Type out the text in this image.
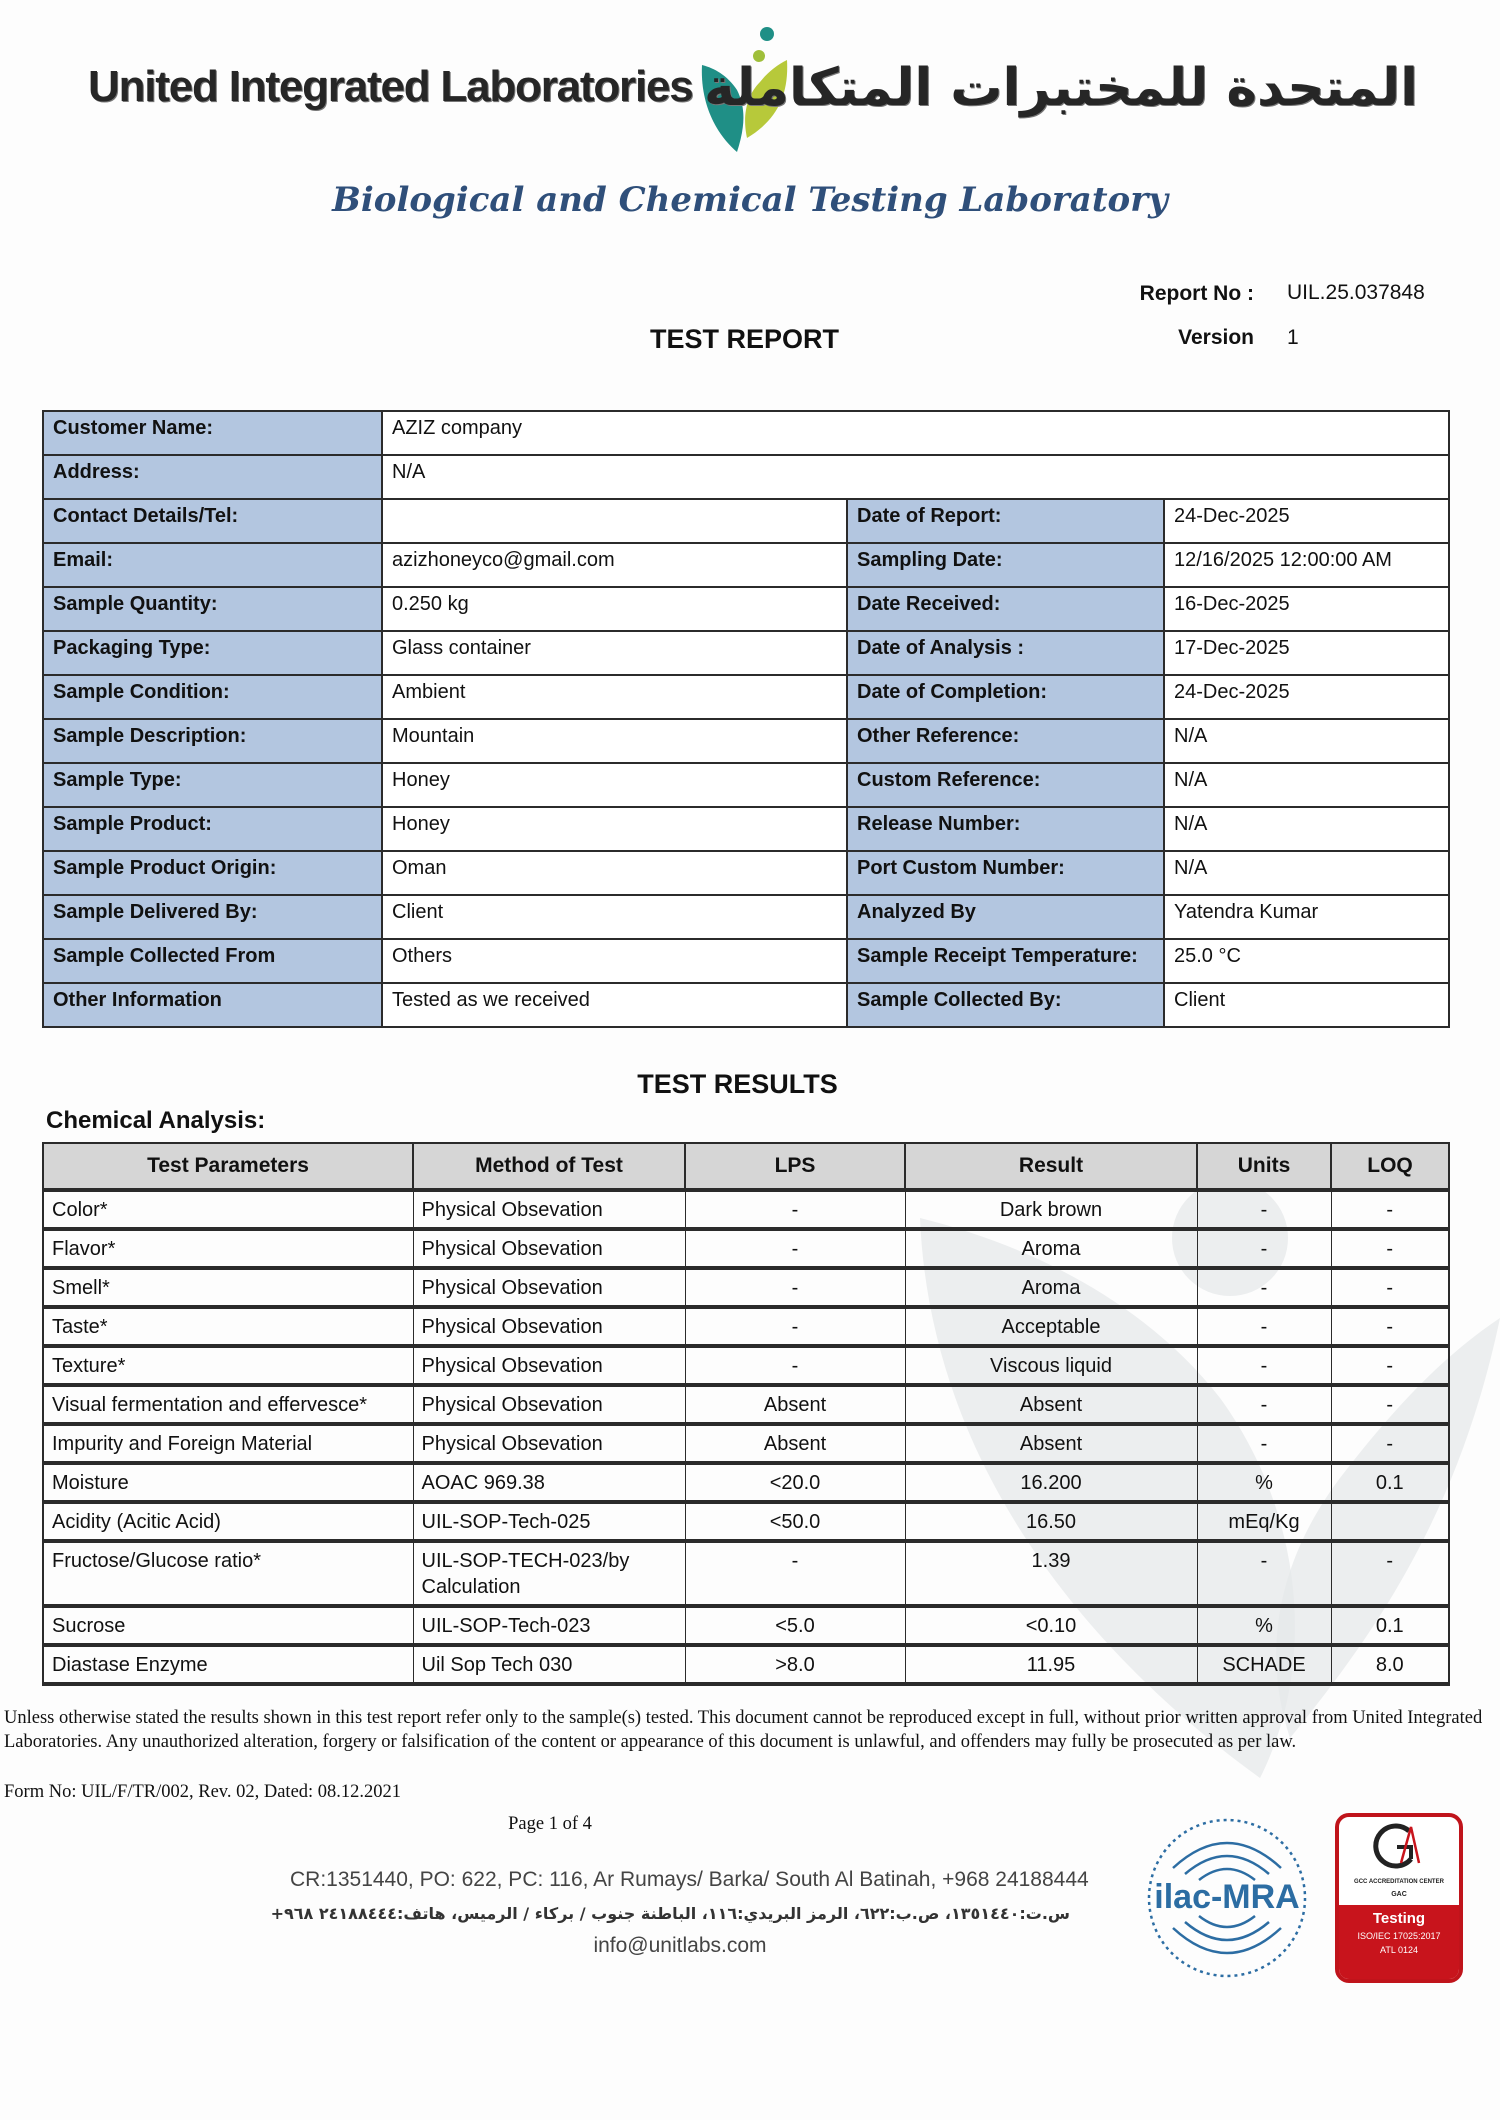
United Integrated Laboratories المتحدة للمختبرات المتكاملة
Biological and Chemical Testing Laboratory
TEST REPORT
Report No : UIL.25.037848
Version 1
Customer Name:	AZIZ company		
Address:	N/A		
Contact Details/Tel:		Date of Report:	24-Dec-2025
Email:	azizhoneyco@gmail.com	Sampling Date:	12/16/2025 12:00:00 AM
Sample Quantity:	0.250 kg	Date Received:	16-Dec-2025
Packaging Type:	Glass container	Date of Analysis :	17-Dec-2025
Sample Condition:	Ambient	Date of Completion:	24-Dec-2025
Sample Description:	Mountain	Other Reference:	N/A
Sample Type:	Honey	Custom Reference:	N/A
Sample Product:	Honey	Release Number:	N/A
Sample Product Origin:	Oman	Port Custom Number:	N/A
Sample Delivered By:	Client	Analyzed By	Yatendra Kumar
Sample Collected From	Others	Sample Receipt Temperature:	25.0 °C
Other Information	Tested as we received	Sample Collected By:	Client
TEST RESULTS
Chemical Analysis:
Test Parameters	Method of Test	LPS	Result	Units	LOQ
Color*	Physical Obsevation	-	Dark brown	-	-
Flavor*	Physical Obsevation	-	Aroma	-	-
Smell*	Physical Obsevation	-	Aroma	-	-
Taste*	Physical Obsevation	-	Acceptable	-	-
Texture*	Physical Obsevation	-	Viscous liquid	-	-
Visual fermentation and effervesce*	Physical Obsevation	Absent	Absent	-	-
Impurity and Foreign Material	Physical Obsevation	Absent	Absent	-	-
Moisture	AOAC 969.38	<20.0	16.200	%	0.1
Acidity (Acitic Acid)	UIL-SOP-Tech-025	<50.0	16.50	mEq/Kg	
Fructose/Glucose ratio*	UIL-SOP-TECH-023/by Calculation	-	1.39	-	-
Sucrose	UIL-SOP-Tech-023	<5.0	<0.10	%	0.1
Diastase Enzyme	Uil Sop Tech 030	>8.0	11.95	SCHADE	8.0
Unless otherwise stated the results shown in this test report refer only to the sample(s) tested. This document cannot be reproduced except in full, without prior written approval from United Integrated Laboratories. Any unauthorized alteration, forgery or falsification of the content or appearance of this document is unlawful, and offenders may fully be prosecuted as per law.
Form No: UIL/F/TR/002, Rev. 02, Dated: 08.12.2021
Page 1 of 4
CR:1351440, PO: 622, PC: 116, Ar Rumays/ Barka/ South Al Batinah, +968 24188444
س.ت:١٣٥١٤٤٠، ص.ب:٦٢٢، الرمز البريدي:١١٦، الباطنة جنوب / بركاء / الرميس، هاتف:٢٤١٨٨٤٤٤ ٩٦٨+
info@unitlabs.com
ilac-MRA	GCC ACCREDITATION CENTER
GAC
Testing
ISO/IEC 17025:2017
ATL 0124
